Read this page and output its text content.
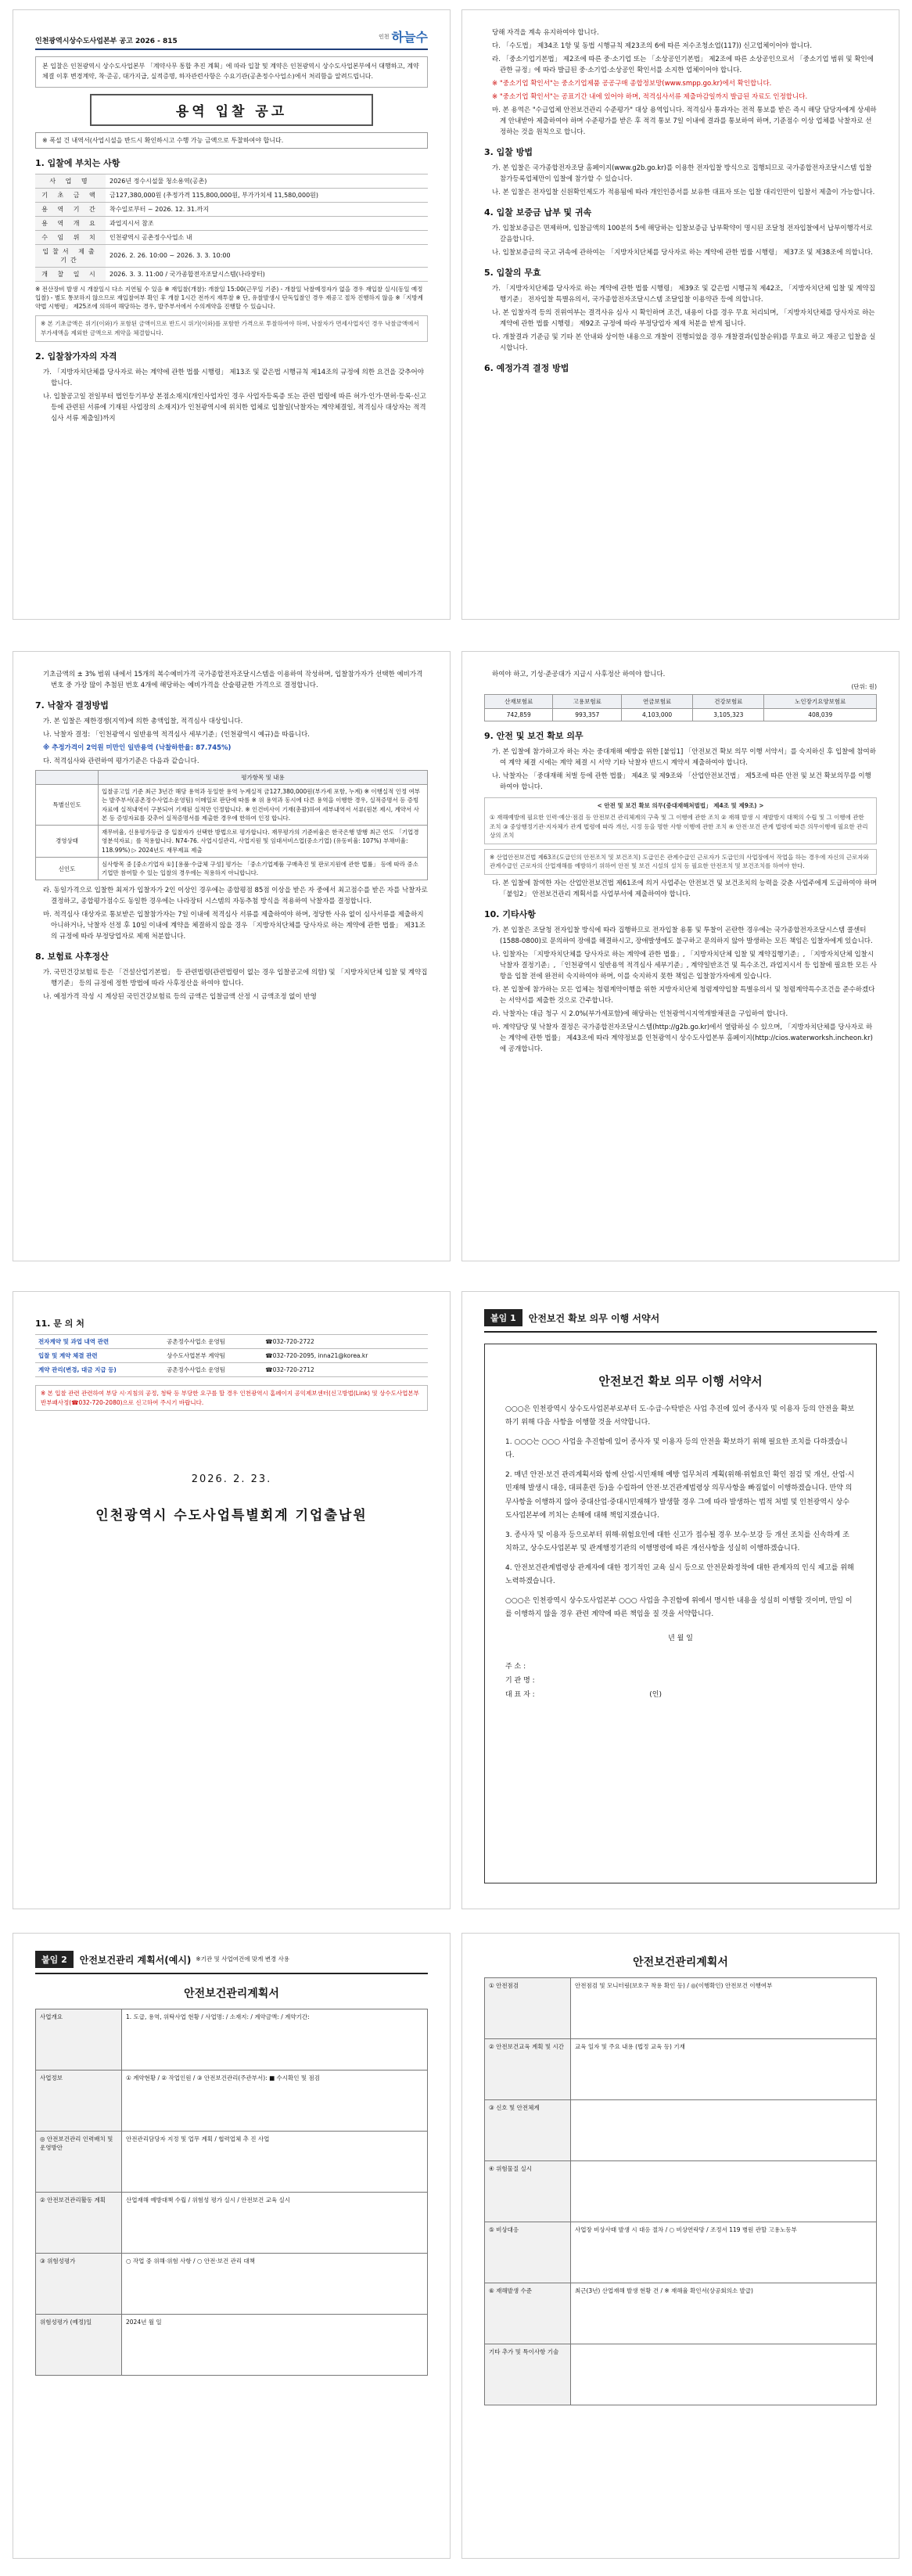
인천광역시상수도사업본부 공고 2026 - 815
인천 하늘수
본 입찰은 인천광역시 상수도사업본부 「계약사무 통합 추진 계획」에 따라 입찰 및 계약은 인천광역시 상수도사업본부에서 대행하고, 계약체결 이후 변경계약, 착·준공, 대가지급, 실적증명, 하자관련사항은 수요기관(공촌정수사업소)에서 처리함을 알려드립니다.
용역 입찰 공고
※ 폭설 건 내역서(사업시설을 반드시 확인하시고 수행 가능 금액으로 투찰하여야 합니다.
1. 입찰에 부치는 사항
사 업 명	2026년 정수시설물 청소용역(공촌)
기 초 금 액	금127,380,000원 (추정가격 115,800,000원, 부가가치세 11,580,000원)
용 역 기 간	착수일로부터 ~ 2026. 12. 31.까지
용 역 개 요	과업지시서 참조
수 임 위 치	인천광역시 공촌정수사업소 내
입찰서 제출기간	2026. 2. 26. 10:00 ~ 2026. 3. 3. 10:00
개 찰 일 시	2026. 3. 3. 11:00 / 국가종합전자조달시스템(나라장터)
※ 전산장비 발생 시 개찰일시 다소 지연될 수 있음 ※ 재입찰(개찰): 개찰일 15:00(근무일 기준) - 개찰일 낙찰예정자가 없을 경우 재입찰 실시(동일 예정 입찰) - 별도 통보하지 않으므로 재입찰여부 확인 후 개찰 1시간 전까지 재투찰 ※ 단, 유찰발생시 단독입찰인 경우 재공고 절차 진행하지 않음 ※「지방계약법 시행령」 제25조에 의하여 해당하는 경우, 발주부서에서 수의계약을 진행할 수 있습니다.
※ 본 기초금액은 위기(이와)가 포함된 금액이므로 반드시 위기(이와)를 포함한 가격으로 투찰하여야 하며, 낙찰자가 면세사업자인 경우 낙찰금액에서 부가세액을 제외한 금액으로 계약을 체결합니다.
2. 입찰참가자의 자격
가. 「지방자치단체를 당사자로 하는 계약에 관한 법률 시행령」 제13조 및 같은법 시행규칙 제14조의 규정에 의한 요건을 갖추어야 합니다.
나. 입찰공고일 전일부터 법인등기부상 본점소재지(개인사업자인 경우 사업자등록증 또는 관련 법령에 따른 허가·인가·면허·등록·신고 등에 관련된 서류에 기재된 사업장의 소재지)가 인천광역시에 위치한 업체로 입찰일(낙찰자는 계약체결일, 적격심사 대상자는 적격심사 서류 제출일)까지
당해 자격을 계속 유지하여야 합니다.
다. 「수도법」 제34조 1항 및 동법 시행규칙 제23조의 6에 따른 저수조청소업(117)) 신고업체이어야 합니다.
라. 「중소기업기본법」 제2조에 따른 중·소기업 또는 「소상공인기본법」 제2조에 따른 소상공인으로서 「중소기업 범위 및 확인에 관한 규정」에 따라 발급된 중·소기업·소상공인 확인서를 소지한 업체이어야 합니다.
※ "중소기업 확인서"는 중소기업제품 공공구매 종합정보망(www.smpp.go.kr)에서 확인합니다.
※ "중소기업 확인서"는 공표기간 내에 있어야 하며, 적격심사서류 제출마감일까지 발급된 자료도 인정합니다.
마. 본 용역은 "수급업체 안전보건관리 수준평가" 대상 용역입니다. 적격심사 통과자는 전적 통보를 받은 즉시 해당 담당자에게 상세하게 안내받아 제출하여야 하며 수준평가를 받은 후 적격 통보 7일 이내에 결과를 통보하여 하며, 기준점수 이상 업체를 낙찰자로 선정하는 것을 원칙으로 합니다.
3. 입찰 방법
가. 본 입찰은 국가종합전자조달 홈페이지(www.g2b.go.kr)를 이용한 전자입찰 방식으로 집행되므로 국가종합전자조달시스템 입찰참가등록업체만이 입찰에 참가할 수 있습니다.
나. 본 입찰은 전자입찰 신원확인제도가 적용됨에 따라 개인인증서를 보유한 대표자 또는 입찰 대리인만이 입찰서 제출이 가능합니다.
4. 입찰 보증금 납부 및 귀속
가. 입찰보증금은 면제하며, 입찰금액의 100분의 5에 해당하는 입찰보증금 납부확약이 명시된 조달청 전자입찰에서 납부이행각서로 갈음합니다.
나. 입찰보증금의 국고 귀속에 관하여는 「지방자치단체를 당사자로 하는 계약에 관한 법률 시행령」 제37조 및 제38조에 의합니다.
5. 입찰의 무효
가. 「지방자치단체를 당사자로 하는 계약에 관한 법률 시행령」 제39조 및 같은법 시행규칙 제42조, 「지방자치단체 입찰 및 계약집행기준」 전자입찰 특별유의서, 국가종합전자조달시스템 조달입찰 이용약관 등에 의합니다.
나. 본 입찰자격 등의 진위여부는 결격사유 심사 시 확인하며 조건, 내용이 다를 경우 무효 처리되며, 「지방자치단체를 당사자로 하는 계약에 관한 법률 시행령」 제92조 규정에 따라 부정당업자 제재 처분을 받게 됩니다.
다. 개찰결과 기준금 및 기타 본 안내와 상이한 내용으로 개찰이 진행되었을 경우 개찰결과(입찰순위)를 무효로 하고 재공고 입찰을 실시합니다.
6. 예정가격 결정 방법
기초금액의 ± 3% 범위 내에서 15개의 복수예비가격 국가종합전자조달시스템을 이용하여 작성하며, 입찰참가자가 선택한 예비가격번호 중 가장 많이 추첨된 번호 4개에 해당하는 예비가격을 산술평균한 가격으로 결정합니다.
7. 낙찰자 결정방법
가. 본 입찰은 제한경쟁(지역)에 의한 총액입찰, 적격심사 대상입니다.
나. 낙찰자 결정: 「인천광역시 일반용역 적격심사 세부기준」(인천광역시 예규)을 따릅니다.
※ 추정가격이 2억원 미만인 일반용역 (낙찰하한율: 87.745%)
다. 적격심사와 관련하여 평가기준은 다음과 같습니다.
	평가항목 및 내용
특별신인도	입찰공고일 기준 최근 3년간 해당 용역과 동일한 용역 누계실적 금127,380,000원(부가세 포함, 누계) ※ 이행실적 인정 여부는 발주부서(공촌정수사업소운영팀) 이메일로 판단에 따름 ※ 위 용역과 동시에 다른 용역을 이행한 경우, 실적증명서 등 증빙자료에 실적내역이 구분되어 기재된 실적만 인정합니다. ※ 인건비사이 기재(총괄)하여 세부내역서 서류(원본 제시, 계약서 사본 등 증빙자료를 갖추어 실적증명서를 제출한 경우에 한하여 인정 합니다.
경영상태	재무비율, 신용평가등급 중 입찰자가 선택한 방법으로 평가합니다. 재무평가의 기준비율은 한국은행 발행 최근 연도 「기업경영분석자료」를 적용합니다. N74-76. 사업시설관리, 사업지원 및 임대서비스업(중소기업) (유동비율: 107%) 부채비율: 118.99%) ▷ 2024년도 재무제표 제출
신인도	심사항목 중 [중소기업자 ①] [용품·수급체 구성] 평가는 「중소기업제품 구매촉진 및 판로지원에 관한 법률」 등에 따라 중소기업만 참여할 수 있는 입찰의 경우에는 적용하지 아니합니다.
라. 동일가격으로 입찰한 최저가 입찰자가 2인 이상인 경우에는 종합평점 85점 이상을 받은 자 중에서 최고점수를 받은 자를 낙찰자로 결정하고, 종합평가점수도 동일한 경우에는 나라장터 시스템의 자동추첨 방식을 적용하여 낙찰자를 결정합니다.
마. 적격심사 대상자로 통보받은 입찰참가자는 7일 이내에 적격심사 서류를 제출하여야 하며, 정당한 사유 없이 심사서류를 제출하지 아니하거나, 낙찰자 선정 후 10일 이내에 계약을 체결하지 않을 경우 「지방자치단체를 당사자로 하는 계약에 관한 법률」 제31조의 규정에 따라 부정당업자로 제재 처분합니다.
8. 보험료 사후정산
가. 국민건강보험료 등은 「건설산업기본법」 등 관련법령(관련법령이 없는 경우 입찰공고에 의함) 및 「지방자치단체 입찰 및 계약집행기준」 등의 규정에 정한 방법에 따라 사후정산을 하여야 합니다.
나. 예정가격 작성 시 계상된 국민건강보험료 등의 금액은 입찰금액 산정 시 금액조정 없이 반영
하여야 하고, 기성·준공대가 지급시 사후정산 하여야 합니다.
(단위: 원)
산재보험료	고용보험료	연금보험료	건강보험료	노인장기요양보험료
742,859	993,357	4,103,000	3,105,323	408,039
9. 안전 및 보건 확보 의무
가. 본 입찰에 참가하고자 하는 자는 중대재해 예방을 위한 [붙임1] 「안전보건 확보 의무 이행 서약서」를 숙지하신 후 입찰에 참여하여 계약 체결 시에는 계약 체결 시 서약 기타 낙찰자 반드시 계약서 제출하여야 합니다.
나. 낙찰자는 「중대재해 처벌 등에 관한 법률」 제4조 및 제9조와 「산업안전보건법」 제5조에 따른 안전 및 보건 확보의무를 이행하여야 합니다.
< 안전 및 보건 확보 의무(중대재해처벌법」 제4조 및 제9조) >
① 재해예방에 필요한 인력·예산·점검 등 안전보건 관리체계의 구축 및 그 이행에 관한 조치 ② 재해 발생 시 재발방지 대책의 수립 및 그 이행에 관한 조치 ③ 중앙행정기관·지자체가 관계 법령에 따라 개선, 시정 등을 명한 사항 이행에 관한 조치 ④ 안전·보건 관계 법령에 따른 의무이행에 필요한 관리상의 조치
※ 산업안전보건법 제63조(도급인의 안전조치 및 보건조치) 도급인은 관계수급인 근로자가 도급인의 사업장에서 작업을 하는 경우에 자신의 근로자와 관계수급인 근로자의 산업재해를 예방하기 위하여 안전 및 보건 시설의 설치 등 필요한 안전조치 및 보건조치를 하여야 한다.
다. 본 입찰에 참여한 자는 산업안전보건법 제61조에 의거 사업주는 안전보건 및 보건조치의 능력을 갖춘 사업주에게 도급하여야 하며 「붙임2」 안전보건관리 계획서를 사업부서에 제출하여야 합니다.
10. 기타사항
가. 본 입찰은 조달청 전자입찰 방식에 따라 집행하므로 전자입찰 용통 및 투찰이 곤란한 경우에는 국가종합전자조달시스템 콜센터(1588-0800)로 문의하여 장애를 해결하시고, 장애발생에도 불구하고 문의하지 않아 발생하는 모든 책임은 입찰자에게 있습니다.
나. 입찰자는 「지방자치단체를 당사자로 하는 계약에 관한 법률」, 「지방자치단체 입찰 및 계약집행기준」, 「지방자치단체 입찰시 낙찰자 결정기준」, 「인천광역시 일반용역 적격심사 세부기준」, 계약일반조건 및 특수조건, 과업지시서 등 입찰에 필요한 모든 사항을 입찰 전에 완전히 숙지하여야 하며, 이를 숙지하지 못한 책임은 입찰참가자에게 있습니다.
다. 본 입찰에 참가하는 모든 업체는 청렴계약이행을 위한 지방자치단체 청렴계약입찰 특별유의서 및 청렴계약특수조건을 준수하겠다는 서약서를 제출한 것으로 간주합니다.
라. 낙찰자는 대금 청구 시 2.0%(부가세포함)에 해당하는 인천광역시지역개발채권을 구입하여 합니다.
마. 계약담당 및 낙찰자 결정은 국가종합전자조달시스템(http://g2b.go.kr)에서 열람하실 수 있으며, 「지방자치단체를 당사자로 하는 계약에 관한 법률」 제43조에 따라 계약정보를 인천광역시 상수도사업본부 홈페이지(http://cios.waterworksh.incheon.kr)에 공개합니다.
11. 문 의 처
전자계약 및 과업 내역 관련	공촌정수사업소 운영팀	☎032-720-2722
입찰 및 계약 체결 관련	상수도사업본부 계약팀	☎032-720-2095, inna21@korea.kr
계약 관리(변경, 대금 지급 등)	공촌정수사업소 운영팀	☎032-720-2712
※ 본 입찰 관련 관련하여 부당 시·지침의 공정, 청탁 등 부당한 요구를 할 경우 인천광역시 홈페이지 공익제보센터(신고방법(Link) 및 상수도사업본부 반부패사정(☎032-720-2080)으로 신고하여 주시기 바랍니다.
2026. 2. 23.
인천광역시 수도사업특별회계 기업출납원
붙임 1	안전보건 확보 의무 이행 서약서
안전보건 확보 의무 이행 서약서
○○○은 인천광역시 상수도사업본부로부터 도·수급·수탁받은 사업 추진에 있어 종사자 및 이용자 등의 안전을 확보하기 위해 다음 사항을 이행할 것을 서약합니다.
1. ○○○는 ○○○ 사업을 추진함에 있어 종사자 및 이용자 등의 안전을 확보하기 위해 필요한 조치를 다하겠습니다.
2. 매년 안전·보건 관리계획서와 함께 산업·시민재해 예방 업무처리 계획(위해·위험요인 확인 점검 및 개선, 산업·시민재해 발생시 대응, 대피훈련 등)을 수립하여 안전·보건관계법령상 의무사항을 빠짐없이 이행하겠습니다. 만약 의무사항을 이행하지 않아 중대산업·중대시민재해가 발생할 경우 그에 따라 발생하는 법적 처벌 및 인천광역시 상수도사업본부에 끼치는 손해에 대해 책임지겠습니다.
3. 종사자 및 이용자 등으로부터 위해·위험요인에 대한 신고가 접수될 경우 보수·보강 등 개선 조치를 신속하게 조치하고, 상수도사업본부 및 관계행정기관의 이행명령에 따른 개선사항을 성실히 이행하겠습니다.
4. 안전보건관계법령상 관계자에 대한 정기적인 교육 실시 등으로 안전문화정착에 대한 관계자의 인식 제고를 위해 노력하겠습니다.
○○○은 인천광역시 상수도사업본부 ○○○ 사업을 추진함에 위에서 명시한 내용을 성실히 이행할 것이며, 만일 이를 이행하지 않을 경우 관련 계약에 따른 책임을 질 것을 서약합니다.
년 월 일
주 소 :
기 관 명 :
대 표 자 :	(인)
붙임 2	안전보건관리 계획서(예시) ※기관 및 사업여건에 맞게 변경 사용
안전보건관리계획서
사업개요	1. 도급, 용역, 위탁사업 현황 / 사업명: / 소재지: / 계약금액: / 계약기간:
사업정보	① 계약현황 / ② 작업인원 / ③ 안전보건관리(주관부서): ■ 수시확인 및 점검
◎ 안전보건관리 인력배치 및 운영방안	안전관리담당자 지정 및 업무 계획 / 협력업체 추 진 사업
② 안전보건관리활동 계획	산업재해 예방대책 수립 / 위험성 평가 실시 / 안전보건 교육 실시
③ 위험성평가	○ 작업 중 위해·위험 사항 / ○ 안전·보건 관리 대책
위험성평가 (예정)일	2024년 월 일
안전보건관리계획서
① 안전점검	안전점검 및 모니터링(보호구 착용 확인 등) / ◎(이행확인) 안전보건 이행여부
② 안전보건교육 계획 및 시간	교육 일자 및 주요 내용 (법정 교육 등) 기재
③ 신호 및 안전체계	
④ 위험물질 실시	
⑤ 비상대응	사업장 비상사태 발생 시 대응 절차 / ○ 비상연락망 / 조정서 119 병원 관할 고용노동부
⑥ 재해발생 수준	최근(3년) 산업재해 발생 현황 건 / ※ 재해율 확인서(상공회의소 발급)
기타 추가 및 특이사항 기술	
